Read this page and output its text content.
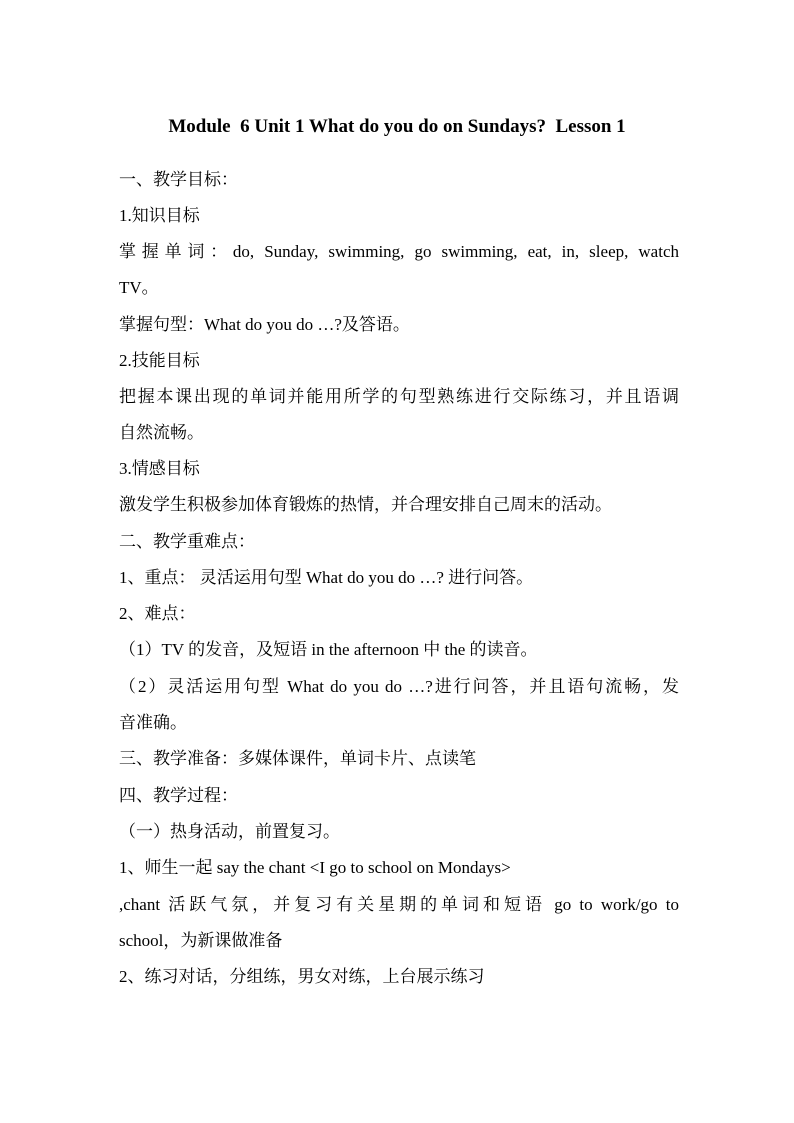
Module  6 Unit 1 What do you do on Sundays?  Lesson 1
一、教学目标：
1.知识目标
掌握单词：do, Sunday, swimming, go swimming, eat, in, sleep, watch
TV。
掌握句型：What do you do …?及答语。
2.技能目标
把握本课出现的单词并能用所学的句型熟练进行交际练习，并且语调
自然流畅。
3.情感目标
激发学生积极参加体育锻炼的热情，并合理安排自己周末的活动。
二、教学重难点：
1、重点： 灵活运用句型 What do you do …? 进行问答。
2、难点：
（1）TV 的发音，及短语 in the afternoon 中 the 的读音。
（2）灵活运用句型 What do you do …?进行问答，并且语句流畅，发
音准确。
三、教学准备：多媒体课件，单词卡片、点读笔
四、教学过程：
（一）热身活动，前置复习。
1、师生一起 say the chant <I go to school on Mondays>
,chant 活跃气氛，并复习有关星期的单词和短语 go to work/go to
school，为新课做准备
2、练习对话，分组练，男女对练，上台展示练习
